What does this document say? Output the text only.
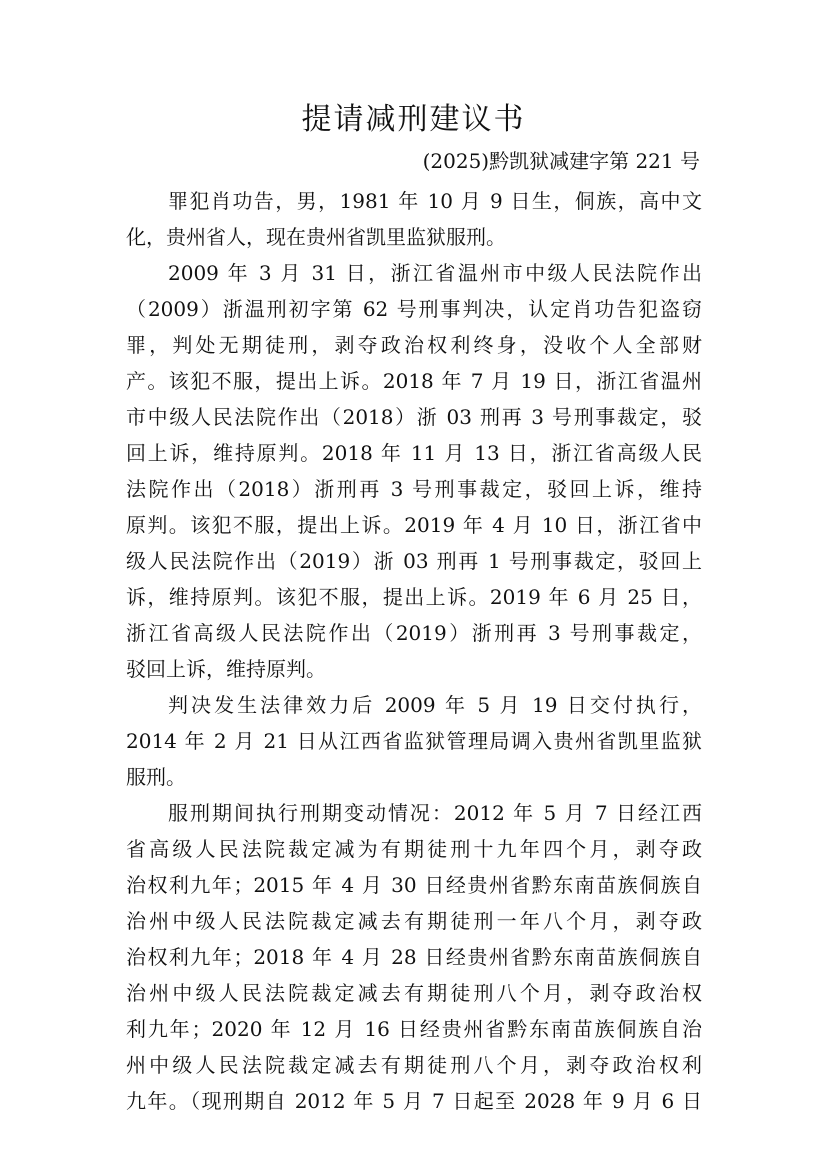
提请减刑建议书
(2025)黔凯狱减建字第 221 号
罪犯肖功告，男，1981 年 10 月 9 日生，侗族，高中文
化，贵州省人，现在贵州省凯里监狱服刑。
2009 年 3 月 31 日，浙江省温州市中级人民法院作出
（2009）浙温刑初字第 62 号刑事判决，认定肖功告犯盗窃
罪，判处无期徒刑，剥夺政治权利终身，没收个人全部财
产。该犯不服，提出上诉。2018 年 7 月 19 日，浙江省温州
市中级人民法院作出（2018）浙 03 刑再 3 号刑事裁定，驳
回上诉，维持原判。2018 年 11 月 13 日，浙江省高级人民
法院作出（2018）浙刑再 3 号刑事裁定，驳回上诉，维持
原判。该犯不服，提出上诉。2019 年 4 月 10 日，浙江省中
级人民法院作出（2019）浙 03 刑再 1 号刑事裁定，驳回上
诉，维持原判。该犯不服，提出上诉。2019 年 6 月 25 日，
浙江省高级人民法院作出（2019）浙刑再 3 号刑事裁定，
驳回上诉，维持原判。
判决发生法律效力后 2009 年 5 月 19 日交付执行，
2014 年 2 月 21 日从江西省监狱管理局调入贵州省凯里监狱
服刑。
服刑期间执行刑期变动情况：2012 年 5 月 7 日经江西
省高级人民法院裁定减为有期徒刑十九年四个月，剥夺政
治权利九年；2015 年 4 月 30 日经贵州省黔东南苗族侗族自
治州中级人民法院裁定减去有期徒刑一年八个月，剥夺政
治权利九年；2018 年 4 月 28 日经贵州省黔东南苗族侗族自
治州中级人民法院裁定减去有期徒刑八个月，剥夺政治权
利九年；2020 年 12 月 16 日经贵州省黔东南苗族侗族自治
州中级人民法院裁定减去有期徒刑八个月，剥夺政治权利
九年。（现刑期自 2012 年 5 月 7 日起至 2028 年 9 月 6 日
